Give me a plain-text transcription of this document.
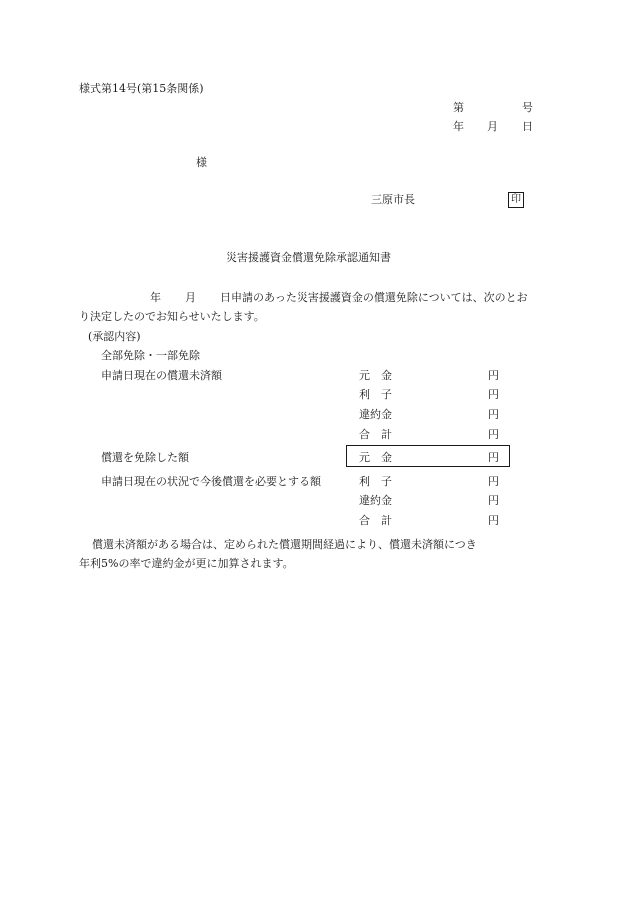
様式第14号(第15条関係)
第	号
年 月 日
様
三原市長	印
災害援護資金償還免除承認通知書
年 月 日申請のあった災害援護資金の償還免除については、次のとお
り決定したのでお知らせいたします。
(承認内容)
全部免除・一部免除
申請日現在の償還未済額	元　金	円
利　子	円
違約金	円
合　計	円
償還を免除した額	元　金	円
申請日現在の状況で今後償還を必要とする額	利　子	円
違約金	円
合　計	円
償還未済額がある場合は、定められた償還期間経過により、償還未済額につき
年利5%の率で違約金が更に加算されます。
